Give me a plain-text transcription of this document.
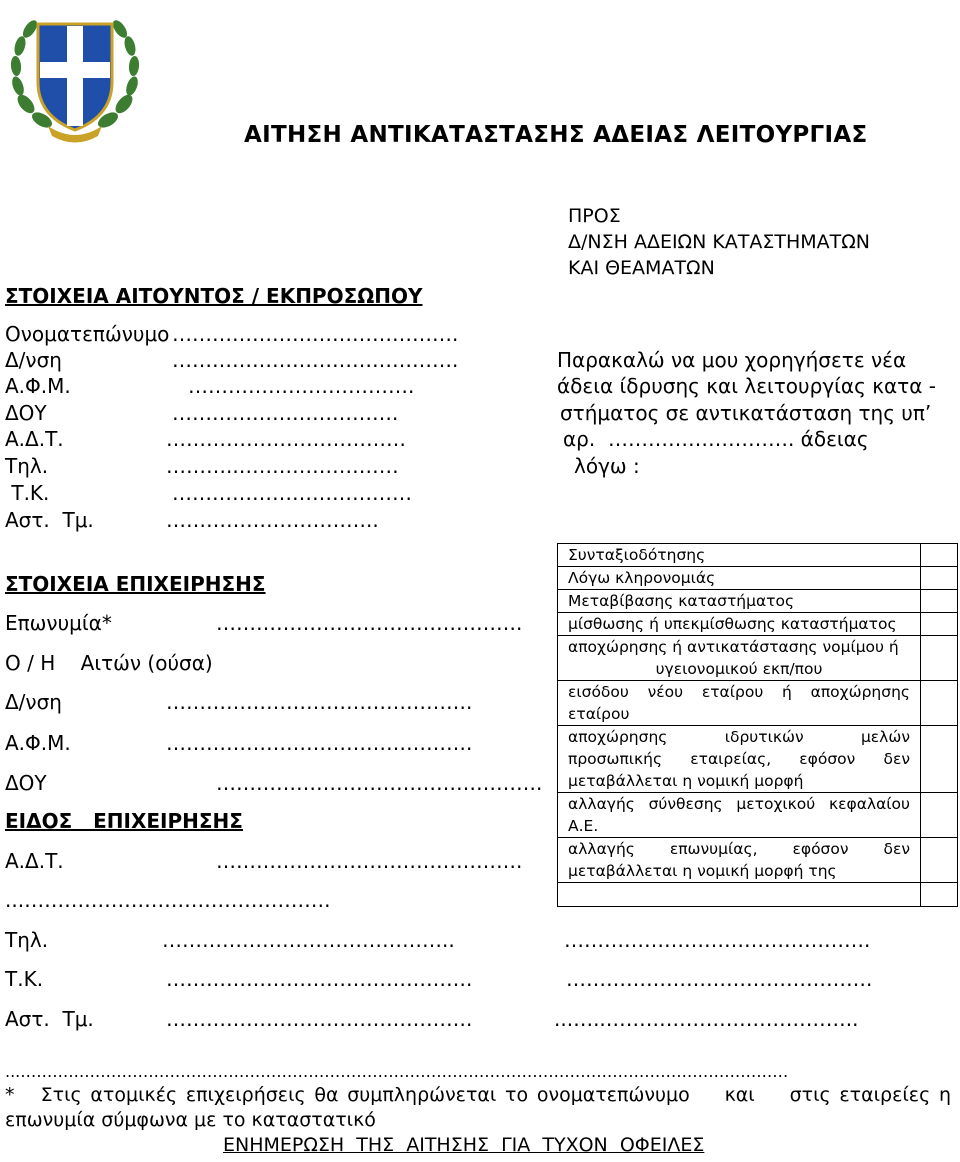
ΑΙΤΗΣΗ ΑΝΤΙΚΑΤΑΣΤΑΣΗΣ ΑΔΕΙΑΣ ΛΕΙΤΟΥΡΓΙΑΣ
ΠΡΟΣ
Δ/ΝΣΗ ΑΔΕΙΩΝ ΚΑΤΑΣΤΗΜΑΤΩΝ
ΚΑΙ ΘΕΑΜΑΤΩΝ
ΣΤΟΙΧΕΙΑ ΑΙΤΟΥΝΤΟΣ / ΕΚΠΡΟΣΩΠΟΥ
Ονοματεπώνυμο …………………………………….
Δ/νση	…………………………………….
Α.Φ.Μ.	…………………………….
ΔΟΥ	…………………………….
Α.Δ.Τ.	………………………………
Τηλ.	………..……………………
Τ.Κ.	………………………………
Αστ.  Τμ.	…………………………..
Παρακαλώ να μου χορηγήσετε νέα
άδεια ίδρυσης και λειτουργίας κατα -
στήματος σε αντικατάσταση της υπ’
αρ.  ………………………. άδειας
λόγω :
ΣΤΟΙΧΕΙΑ ΕΠΙΧΕΙΡΗΣΗΣ
Επωνυμία*	……………………………………….
Ο / Η    Αιτών (ούσα)
Δ/νση	……………………………………….
Α.Φ.Μ.	……………………………………….
ΔΟΥ	………………………………………….
ΕΙΔΟΣ   ΕΠΙΧΕΙΡΗΣΗΣ
Α.Δ.Τ.	……………………………………….
...……………………………………….
Τηλ.	……………………………………..	……………………………………….
Τ.Κ.	……………………………………….	……………………………………….
Αστ.  Τμ.	……………………………………….	...…..………………………………..
...………………………………………………………………………………………………………………………………
Συνταξιοδότησης	
Λόγω κληρονομιάς	
Μεταβίβασης καταστήματος	
μίσθωσης ή υπεκμίσθωσης καταστήματος	

αποχώρησης ή αντικατάστασης νομίμου ή
υγειονομικού εκπ/που	

εισόδου νέου εταίρου ή αποχώρησης
εταίρου	

αποχώρησης ιδρυτικών μελών
προσωπικής εταιρείας, εφόσον δεν
μεταβάλλεται η νομική μορφή	

αλλαγής σύνθεσης μετοχικού κεφαλαίου
Α.Ε.	

αλλαγής επωνυμίας, εφόσον δεν
μεταβάλλεται η νομική μορφή της	

*   Στις ατομικές επιχειρήσεις θα συμπληρώνεται το ονοματεπώνυμο    και    στις εταιρείες η
επωνυμία σύμφωνα με το καταστατικό
ΕΝΗΜΕΡΩΣΗ  ΤΗΣ  ΑΙΤΗΣΗΣ  ΓΙΑ  ΤΥΧΟΝ  ΟΦΕΙΛΕΣ
